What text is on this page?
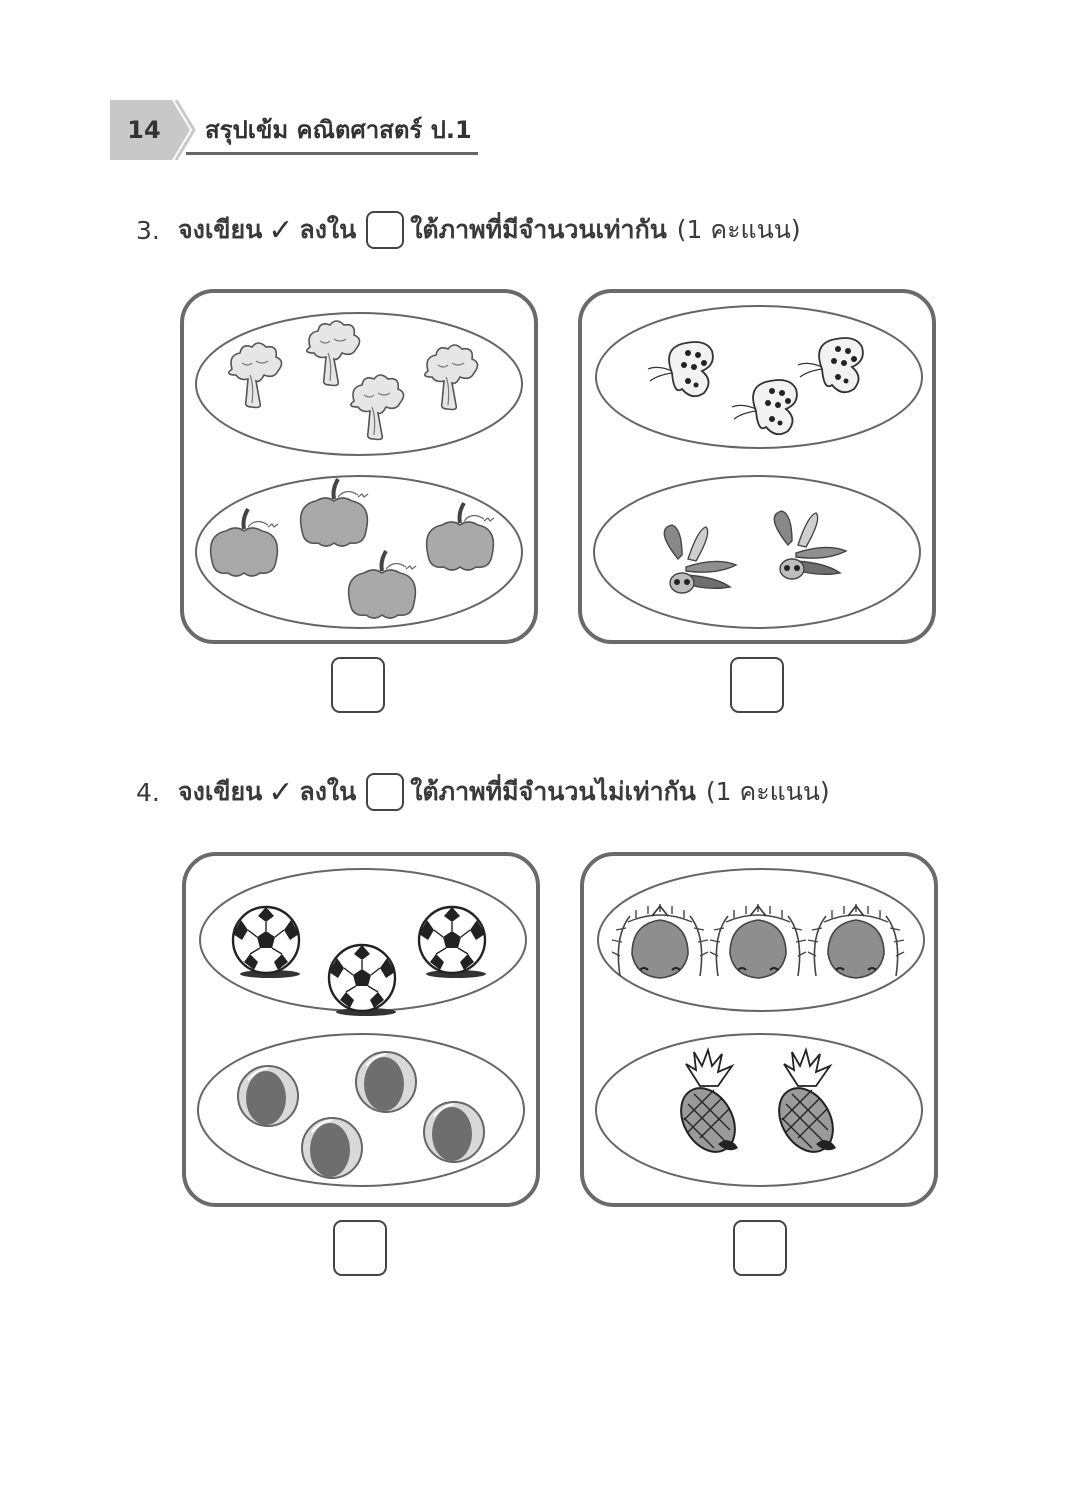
14	สรุปเข้ม คณิตศาสตร์ ป.1
3. จงเขียน ✓ ลงใน ใต้ภาพที่มีจำนวนเท่ากัน (1 คะแนน)
4. จงเขียน ✓ ลงใน ใต้ภาพที่มีจำนวนไม่เท่ากัน (1 คะแนน)
